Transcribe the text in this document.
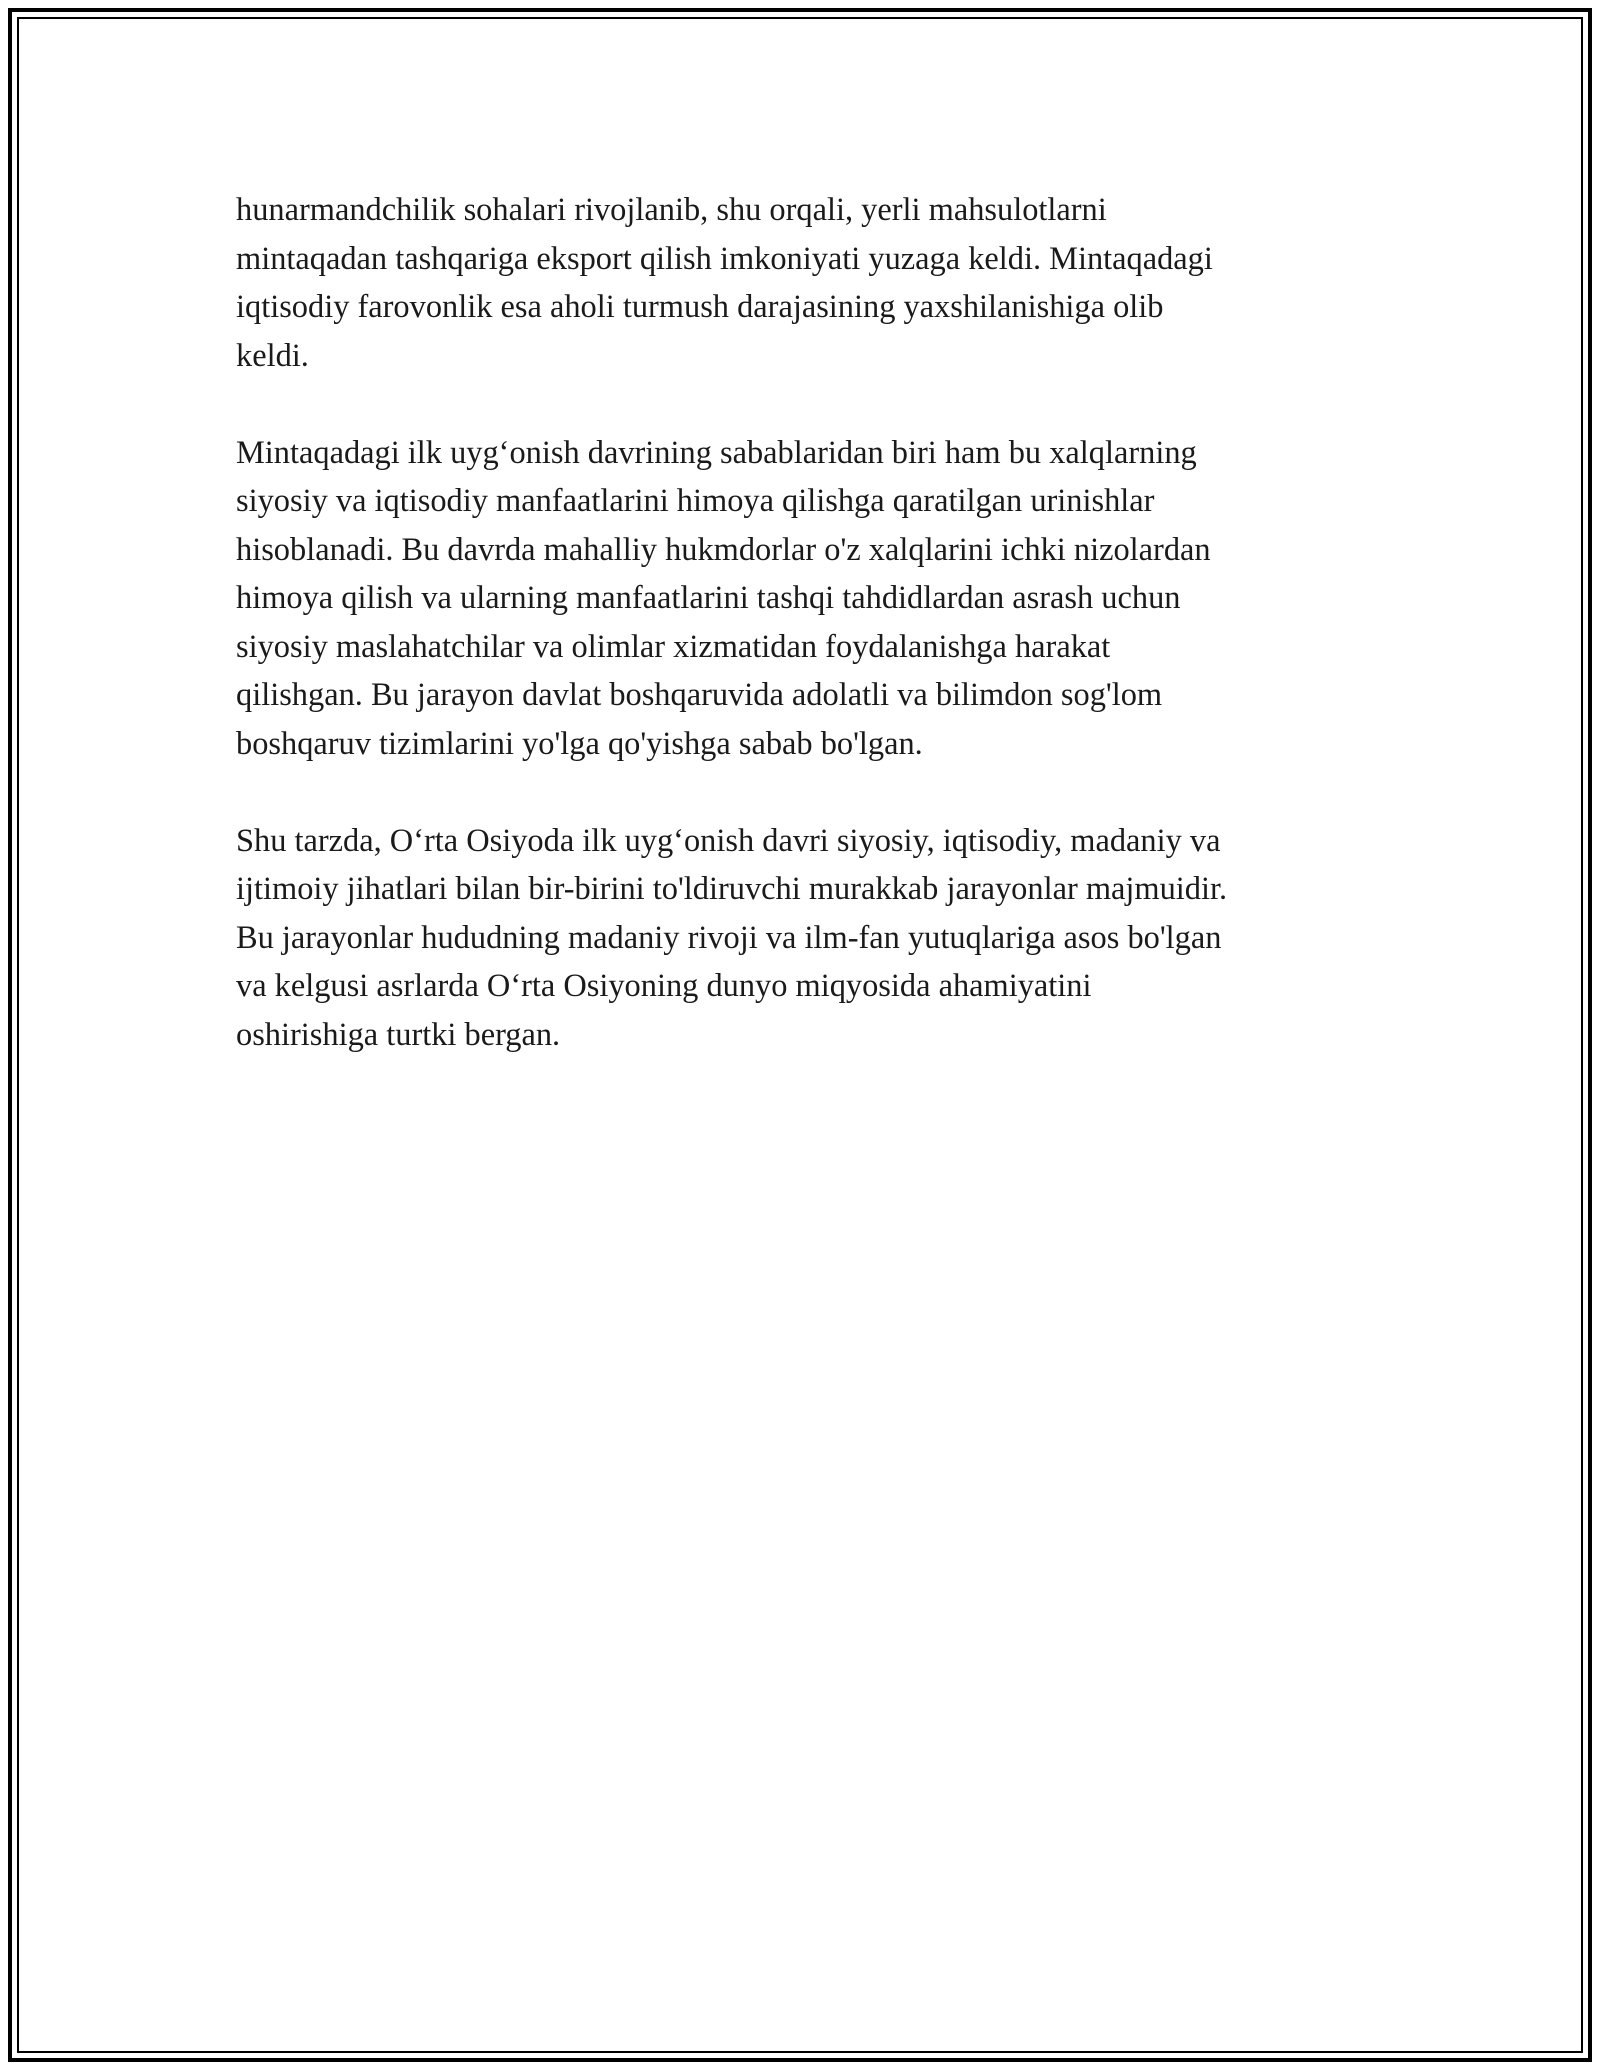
hunarmandchilik sohalari rivojlanib, shu orqali, yerli mahsulotlarni
mintaqadan tashqariga eksport qilish imkoniyati yuzaga keldi. Mintaqadagi
iqtisodiy farovonlik esa aholi turmush darajasining yaxshilanishiga olib
keldi.

Mintaqadagi ilk uyg‘onish davrining sabablaridan biri ham bu xalqlarning
siyosiy va iqtisodiy manfaatlarini himoya qilishga qaratilgan urinishlar
hisoblanadi. Bu davrda mahalliy hukmdorlar o'z xalqlarini ichki nizolardan
himoya qilish va ularning manfaatlarini tashqi tahdidlardan asrash uchun
siyosiy maslahatchilar va olimlar xizmatidan foydalanishga harakat
qilishgan. Bu jarayon davlat boshqaruvida adolatli va bilimdon sog'lom
boshqaruv tizimlarini yo'lga qo'yishga sabab bo'lgan.

Shu tarzda, O‘rta Osiyoda ilk uyg‘onish davri siyosiy, iqtisodiy, madaniy va
ijtimoiy jihatlari bilan bir-birini to'ldiruvchi murakkab jarayonlar majmuidir.
Bu jarayonlar hududning madaniy rivoji va ilm-fan yutuqlariga asos bo'lgan
va kelgusi asrlarda O‘rta Osiyoning dunyo miqyosida ahamiyatini
oshirishiga turtki bergan.
